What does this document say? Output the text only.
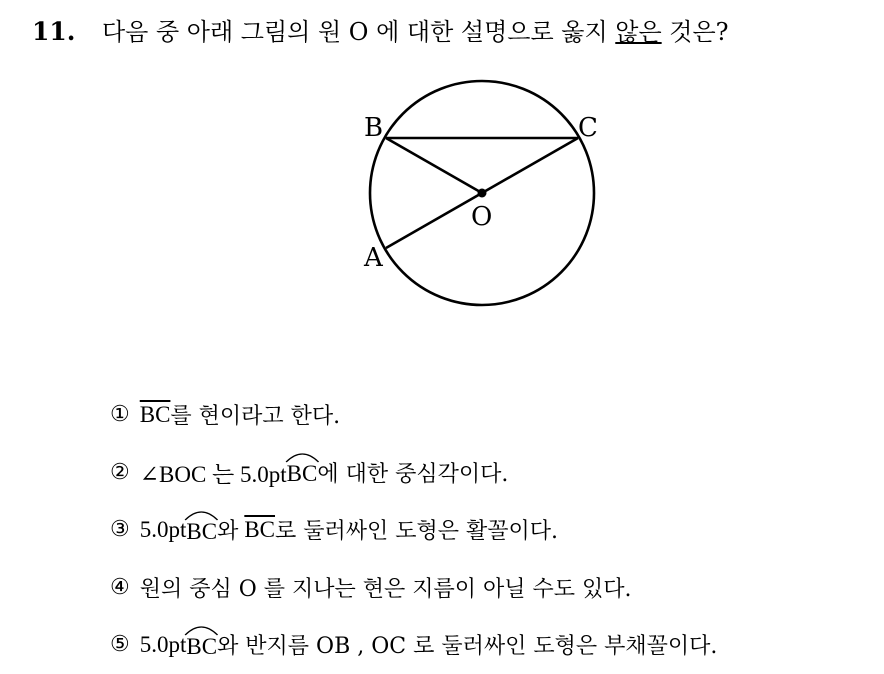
11. 다음 중 아래 그림의 원 O 에 대한 설명으로 옳지 않은 것은?
B	C
O
A
① $\overline{BC}$ 를 현이라고 한다.
② ∠BOC 는 5.0pt BC 에 대한 중심각이다.
③ 5.0pt BC 와 $\overline{BC}$ 로 둘러싸인 도형은 활꼴이다.
④ 원의 중심 O 를 지나는 현은 지름이 아닐 수도 있다.
⑤ 5.0pt BC 와 반지름 OB , OC 로 둘러싸인 도형은 부채꼴이다.
